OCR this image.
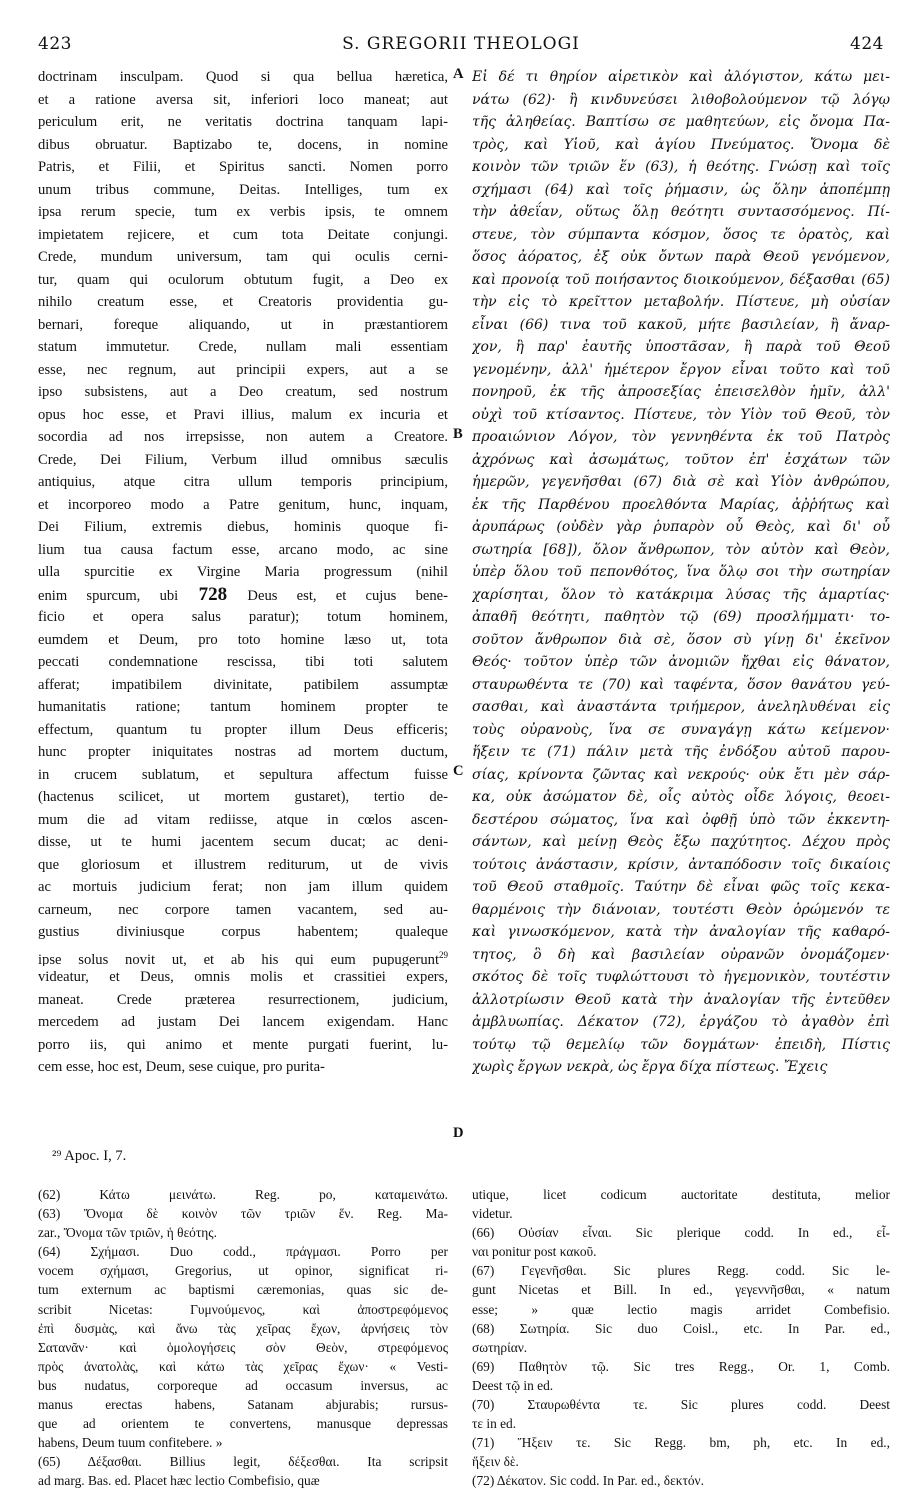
423	S. GREGORII THEOLOGI	424
doctrinam insculpam. Quod si qua bellua hæretica,
et a ratione aversa sit, inferiori loco maneat; aut
periculum erit, ne veritatis doctrina tanquam lapi-
dibus obruatur. Baptizabo te, docens, in nomine
Patris, et Filii, et Spiritus sancti. Nomen porro
unum tribus commune, Deitas. Intelliges, tum ex
ipsa rerum specie, tum ex verbis ipsis, te omnem
impietatem rejicere, et cum tota Deitate conjungi.
Crede, mundum universum, tam qui oculis cerni-
tur, quam qui oculorum obtutum fugit, a Deo ex
nihilo creatum esse, et Creatoris providentia gu-
bernari, foreque aliquando, ut in præstantiorem
statum immutetur. Crede, nullam mali essentiam
esse, nec regnum, aut principii expers, aut a se
ipso subsistens, aut a Deo creatum, sed nostrum
opus hoc esse, et Pravi illius, malum ex incuria et
socordia ad nos irrepsisse, non autem a Creatore.
Crede, Dei Filium, Verbum illud omnibus sæculis
antiquius, atque citra ullum temporis principium,
et incorporeo modo a Patre genitum, hunc, inquam,
Dei Filium, extremis diebus, hominis quoque fi-
lium tua causa factum esse, arcano modo, ac sine
ulla spurcitie ex Virgine Maria progressum (nihil
enim spurcum, ubi 728 Deus est, et cujus bene-
ficio et opera salus paratur); totum hominem,
eumdem et Deum, pro toto homine læso ut, tota
peccati condemnatione rescissa, tibi toti salutem
afferat; impatibilem divinitate, patibilem assumptæ
humanitatis ratione; tantum hominem propter te
effectum, quantum tu propter illum Deus efficeris;
hunc propter iniquitates nostras ad mortem ductum,
in crucem sublatum, et sepultura affectum fuisse
(hactenus scilicet, ut mortem gustaret), tertio de-
mum die ad vitam rediisse, atque in cœlos ascen-
disse, ut te humi jacentem secum ducat; ac deni-
que gloriosum et illustrem rediturum, ut de vivis
ac mortuis judicium ferat; non jam illum quidem
carneum, nec corpore tamen vacantem, sed au-
gustius diviniusque corpus habentem; qualeque
ipse solus novit ut, et ab his qui eum pupugerunt$^{29}$
videatur, et Deus, omnis molis et crassitiei expers,
maneat. Crede præterea resurrectionem, judicium,
mercedem ad justam Dei lancem exigendam. Hanc
porro iis, qui animo et mente purgati fuerint, lu-
cem esse, hoc est, Deum, sese cuique, pro purita-
Εἰ δέ τι θηρίον αἱρετικὸν καὶ ἀλόγιστον, κάτω μει-
νάτω (62)· ἢ κινδυνεύσει λιθοβολούμενον τῷ λόγῳ
τῆς ἀληθείας. Βαπτίσω σε μαθητεύων, εἰς ὄνομα Πα-
τρὸς, καὶ Υἱοῦ, καὶ ἁγίου Πνεύματος. Ὄνομα δὲ
κοινὸν τῶν τριῶν ἕν (63), ἡ θεότης. Γνώσῃ καὶ τοῖς
σχήμασι (64) καὶ τοῖς ῥήμασιν, ὡς ὅλην ἀποπέμπῃ
τὴν ἀθεΐαν, οὕτως ὅλῃ θεότητι συντασσόμενος. Πί-
στευε, τὸν σύμπαντα κόσμον, ὅσος τε ὁρατὸς, καὶ
ὅσος ἀόρατος, ἐξ οὐκ ὄντων παρὰ Θεοῦ γενόμενον,
καὶ προνοίᾳ τοῦ ποιήσαντος διοικούμενον, δέξασθαι (65)
τὴν εἰς τὸ κρεῖττον μεταβολήν. Πίστευε, μὴ οὐσίαν
εἶναι (66) τινα τοῦ κακοῦ, μήτε βασιλείαν, ἢ ἄναρ-
χον, ἢ παρ' ἑαυτῆς ὑποστᾶσαν, ἢ παρὰ τοῦ Θεοῦ
γενομένην, ἀλλ' ἡμέτερον ἔργον εἶναι τοῦτο καὶ τοῦ
πονηροῦ, ἐκ τῆς ἀπροσεξίας ἐπεισελθὸν ἡμῖν, ἀλλ'
οὐχὶ τοῦ κτίσαντος. Πίστευε, τὸν Υἱὸν τοῦ Θεοῦ, τὸν
προαιώνιον Λόγον, τὸν γεννηθέντα ἐκ τοῦ Πατρὸς
ἀχρόνως καὶ ἀσωμάτως, τοῦτον ἐπ' ἐσχάτων τῶν
ἡμερῶν, γεγενῆσθαι (67) διὰ σὲ καὶ Υἱὸν ἀνθρώπου,
ἐκ τῆς Παρθένου προελθόντα Μαρίας, ἀῤῥήτως καὶ
ἀρυπάρως (οὐδὲν γὰρ ῥυπαρὸν οὗ Θεὸς, καὶ δι' οὗ
σωτηρία [68]), ὅλον ἄνθρωπον, τὸν αὐτὸν καὶ Θεὸν,
ὑπὲρ ὅλου τοῦ πεπονθότος, ἵνα ὅλῳ σοι τὴν σωτηρίαν
χαρίσηται, ὅλον τὸ κατάκριμα λύσας τῆς ἁμαρτίας·
ἀπαθῆ θεότητι, παθητὸν τῷ (69) προσλήμματι· το-
σοῦτον ἄνθρωπον διὰ σὲ, ὅσον σὺ γίνῃ δι' ἐκεῖνον
Θεός· τοῦτον ὑπὲρ τῶν ἀνομιῶν ἤχθαι εἰς θάνατον,
σταυρωθέντα τε (70) καὶ ταφέντα, ὅσον θανάτου γεύ-
σασθαι, καὶ ἀναστάντα τριήμερον, ἀνεληλυθέναι εἰς
τοὺς οὐρανοὺς, ἵνα σε συναγάγῃ κάτω κείμενον·
ἥξειν τε (71) πάλιν μετὰ τῆς ἐνδόξου αὐτοῦ παρου-
σίας, κρίνοντα ζῶντας καὶ νεκρούς· οὐκ ἔτι μὲν σάρ-
κα, οὐκ ἀσώματον δὲ, οἷς αὐτὸς οἶδε λόγοις, θεοει-
δεστέρου σώματος, ἵνα καὶ ὀφθῇ ὑπὸ τῶν ἐκκεντη-
σάντων, καὶ μείνῃ Θεὸς ἔξω παχύτητος. Δέχου πρὸς
τούτοις ἀνάστασιν, κρίσιν, ἀνταπόδοσιν τοῖς δικαίοις
τοῦ Θεοῦ σταθμοῖς. Ταύτην δὲ εἶναι φῶς τοῖς κεκα-
θαρμένοις τὴν διάνοιαν, τουτέστι Θεὸν ὁρώμενόν τε
καὶ γινωσκόμενον, κατὰ τὴν ἀναλογίαν τῆς καθαρό-
τητος, ὃ δὴ καὶ βασιλείαν οὐρανῶν ὀνομάζομεν·
σκότος δὲ τοῖς τυφλώττουσι τὸ ἡγεμονικὸν, τουτέστιν
ἀλλοτρίωσιν Θεοῦ κατὰ τὴν ἀναλογίαν τῆς ἐντεῦθεν
ἀμβλυωπίας. Δέκατον (72), ἐργάζου τὸ ἀγαθὸν ἐπὶ
τούτῳ τῷ θεμελίῳ τῶν δογμάτων· ἐπειδὴ, Πίστις
χωρὶς ἔργων νεκρὰ, ὡς ἔργα δίχα πίστεως. Ἔχεις
A
B
C
D
²⁹ Apoc. I, 7.
(62) Κάτω μεινάτω. Reg. po, καταμεινάτω.
(63) Ὄνομα δὲ κοινὸν τῶν τριῶν ἕν. Reg. Ma-
zar., Ὄνομα τῶν τριῶν, ἡ θεότης.
(64) Σχήμασι. Duo codd., πράγμασι. Porro per
vocem σχήμασι, Gregorius, ut opinor, significat ri-
tum externum ac baptismi cæremonias, quas sic de-
scribit Nicetas: Γυμνούμενος, καὶ ἀποστρεφόμενος
ἐπὶ δυσμὰς, καὶ ἄνω τὰς χεῖρας ἔχων, ἀρνήσεις τὸν
Σατανᾶν· καὶ ὁμολογήσεις σὸν Θεὸν, στρεφόμενος
πρὸς ἀνατολὰς, καὶ κάτω τὰς χεῖρας ἔχων· « Vesti-
bus nudatus, corporeque ad occasum inversus, ac
manus erectas habens, Satanam abjurabis; rursus-
que ad orientem te convertens, manusque depressas
habens, Deum tuum confitebere. »
(65) Δέξασθαι. Billius legit, δέξεσθαι. Ita scripsit
ad marg. Bas. ed. Placet hæc lectio Combefisio, quæ
utique, licet codicum auctoritate destituta, melior
videtur.
(66) Οὐσίαν εἶναι. Sic plerique codd. In ed., εἶ-
ναι ponitur post κακοῦ.
(67) Γεγενῆσθαι. Sic plures Regg. codd. Sic le-
gunt Nicetas et Bill. In ed., γεγεννῆσθαι, « natum
esse; » quæ lectio magis arridet Combefisio.
(68) Σωτηρία. Sic duo Coisl., etc. In Par. ed.,
σωτηρίαν.
(69) Παθητὸν τῷ. Sic tres Regg., Or. 1, Comb.
Deest τῷ in ed.
(70) Σταυρωθέντα τε. Sic plures codd. Deest
τε in ed.
(71) Ἥξειν τε. Sic Regg. bm, ph, etc. In ed.,
ἥξειν δὲ.
(72) Δέκατον. Sic codd. In Par. ed., δεκτόν.
